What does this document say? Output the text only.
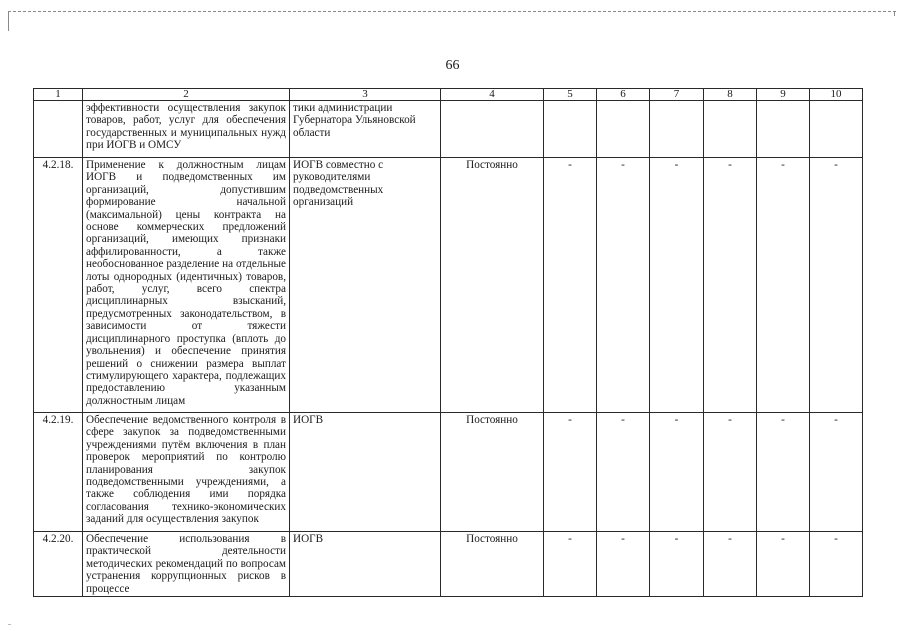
66
1	2	3	4	5	6	7	8	9	10
	эффективности осуществления закупок товаров, работ, услуг для обеспечения государственных и муниципальных нужд при ИОГВ и ОМСУ	тики администрации Губернатора Ульяновской области							
4.2.18.	Применение к должностным лицам ИОГВ и подведомственных им организаций, допустившим формирование начальной (максимальной) цены контракта на основе коммерческих предложений организаций, имеющих признаки аффилированности, а также необоснованное разделение на отдельные лоты однородных (идентичных) товаров, работ, услуг, всего спектра дисциплинарных взысканий, предусмотренных законодательством, в зависимости от тяжести дисциплинарного проступка (вплоть до увольнения) и обеспечение принятия решений о снижении размера выплат стимулирующего характера, подлежащих предоставлению указанным должностным лицам	ИОГВ совместно с руководителями подведомственных организаций	Постоянно	-	-	-	-	-	-
4.2.19.	Обеспечение ведомственного контроля в сфере закупок за подведомственными учреждениями путём включения в план проверок мероприятий по контролю планирования закупок подведомственными учреждениями, а также соблюдения ими порядка согласования технико-экономических заданий для осуществления закупок	ИОГВ	Постоянно	-	-	-	-	-	-
4.2.20.	Обеспечение использования в практической деятельности методических рекомендаций по вопросам устранения коррупционных рисков в процессе	ИОГВ	Постоянно	-	-	-	-	-	-
